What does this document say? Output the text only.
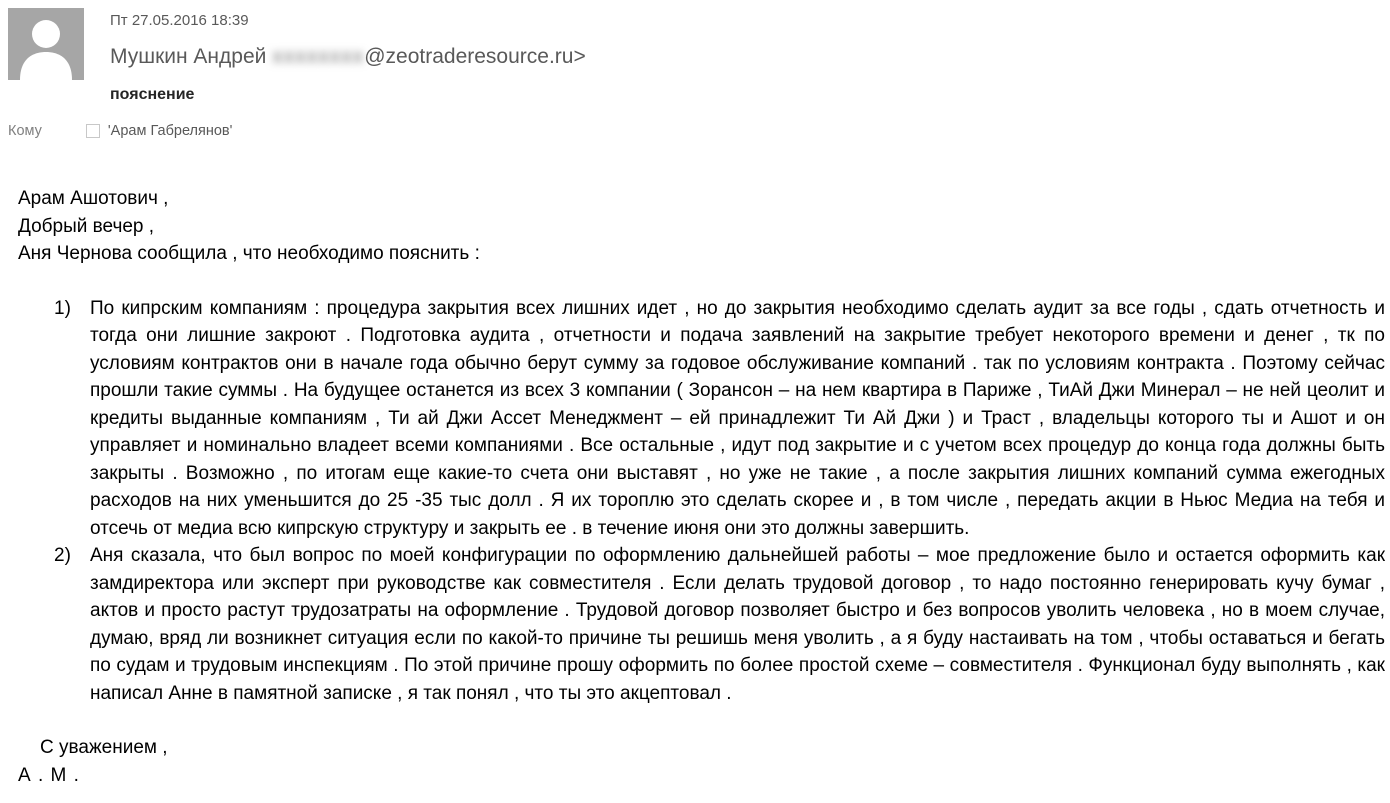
Пт 27.05.2016 18:39
Мушкин Андрей xxxxxxxx@zeotraderesource.ru>
пояснение
Кому	'Арам Габрелянов'
Арам Ашотович ,
Добрый вечер ,
Аня Чернова сообщила , что необходимо пояснить :
1)	По кипрским компаниям : процедура закрытия всех лишних идет , но до закрытия необходимо сделать аудит за все годы , сдать отчетность и тогда они лишние закроют . Подготовка аудита , отчетности и подача заявлений на закрытие требует некоторого времени и денег , тк по условиям контрактов они в начале года обычно берут сумму за годовое обслуживание компаний . так по условиям контракта . Поэтому сейчас прошли такие суммы . На будущее останется из всех 3 компании ( Зорансон – на нем квартира в Париже , ТиАй Джи Минерал – не ней цеолит и кредиты выданные компаниям , Ти ай Джи Ассет Менеджмент – ей принадлежит Ти Ай Джи ) и Траст , владельцы которого ты и Ашот и он управляет и номинально владеет всеми компаниями . Все остальные , идут под закрытие и с учетом всех процедур до конца года должны быть закрыты . Возможно , по итогам еще какие-то счета они выставят , но уже не такие , а после закрытия лишних компаний сумма ежегодных расходов на них уменьшится до 25 -35 тыс долл . Я их тороплю это сделать скорее и , в том числе , передать акции в Ньюс Медиа на тебя и отсечь от медиа всю кипрскую структуру и закрыть ее . в течение июня они это должны завершить.
2)	Аня сказала, что был вопрос по моей конфигурации по оформлению дальнейшей работы – мое предложение было и остается оформить как замдиректора или эксперт при руководстве как совместителя . Если делать трудовой договор , то надо постоянно генерировать кучу бумаг , актов и просто растут трудозатраты на оформление . Трудовой договор позволяет быстро и без вопросов уволить человека , но в моем случае, думаю, вряд ли возникнет ситуация если по какой-то причине ты решишь меня уволить , а я буду настаивать на том , чтобы оставаться и бегать по судам и трудовым инспекциям . По этой причине прошу оформить по более простой схеме – совместителя . Функционал буду выполнять , как написал Анне в памятной записке , я так понял , что ты это акцептовал .
С уважением ,
А . М .
